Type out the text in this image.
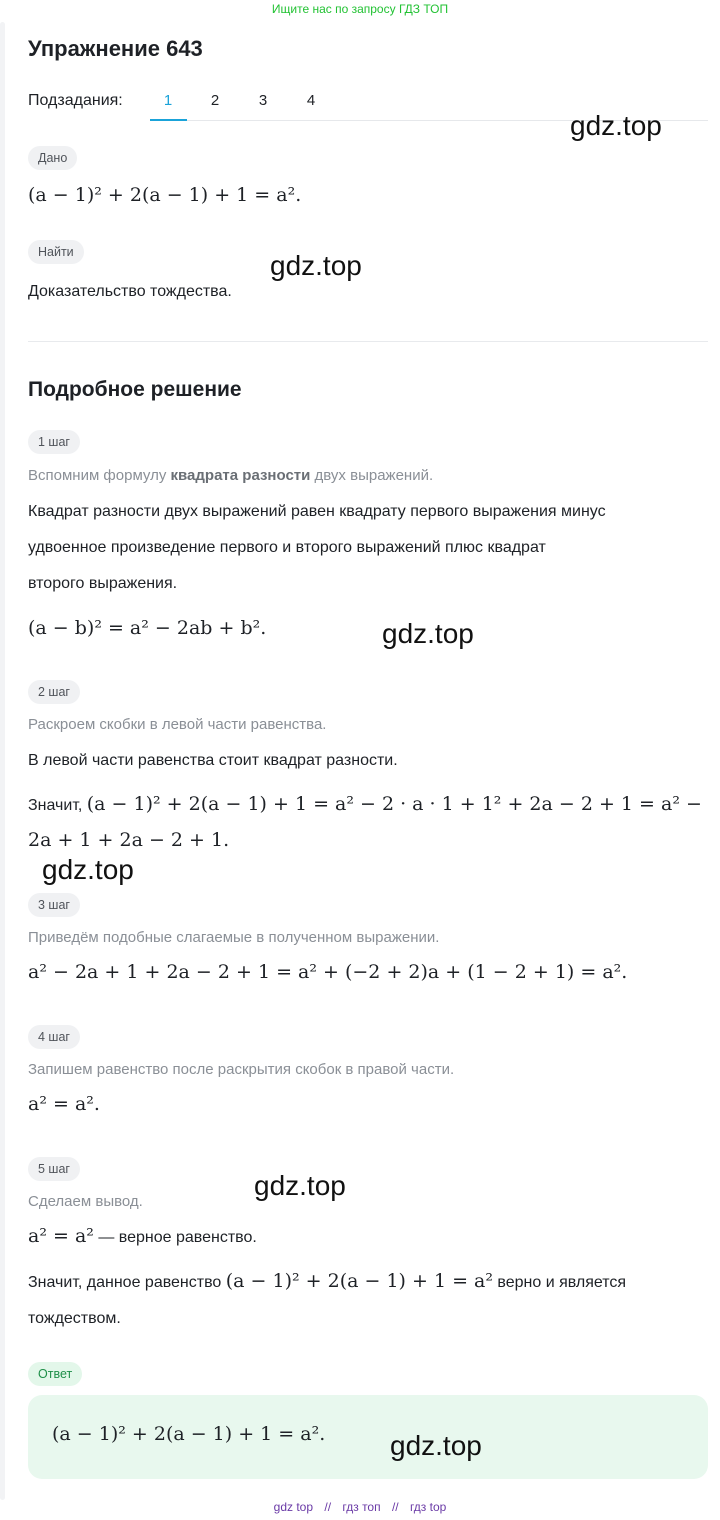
Ищите нас по запросу ГДЗ ТОП
Упражнение 643
Подзадания:	1	2	3	4
Дано
(a − 1)² + 2(a − 1) + 1 = a².
Найти
Доказательство тождества.
Подробное решение
1 шаг
Вспомним формулу квадрата разности двух выражений.
Квадрат разности двух выражений равен квадрату первого выражения минус
удвоенное произведение первого и второго выражений плюс квадрат
второго выражения.
(a − b)² = a² − 2ab + b².
2 шаг
Раскроем скобки в левой части равенства.
В левой части равенства стоит квадрат разности.
Значит, (a − 1)² + 2(a − 1) + 1 = a² − 2 · a · 1 + 1² + 2a − 2 + 1 = a² −
2a + 1 + 2a − 2 + 1.
3 шаг
Приведём подобные слагаемые в полученном выражении.
a² − 2a + 1 + 2a − 2 + 1 = a² + (−2 + 2)a + (1 − 2 + 1) = a².
4 шаг
Запишем равенство после раскрытия скобок в правой части.
a² = a².
5 шаг
Сделаем вывод.
a² = a² — верное равенство.
Значит, данное равенство (a − 1)² + 2(a − 1) + 1 = a² верно и является
тождеством.
Ответ
(a − 1)² + 2(a − 1) + 1 = a².
gdz.top
gdz.top
gdz.top
gdz.top
gdz.top
gdz.top
gdz top // гдз топ // гдз top
